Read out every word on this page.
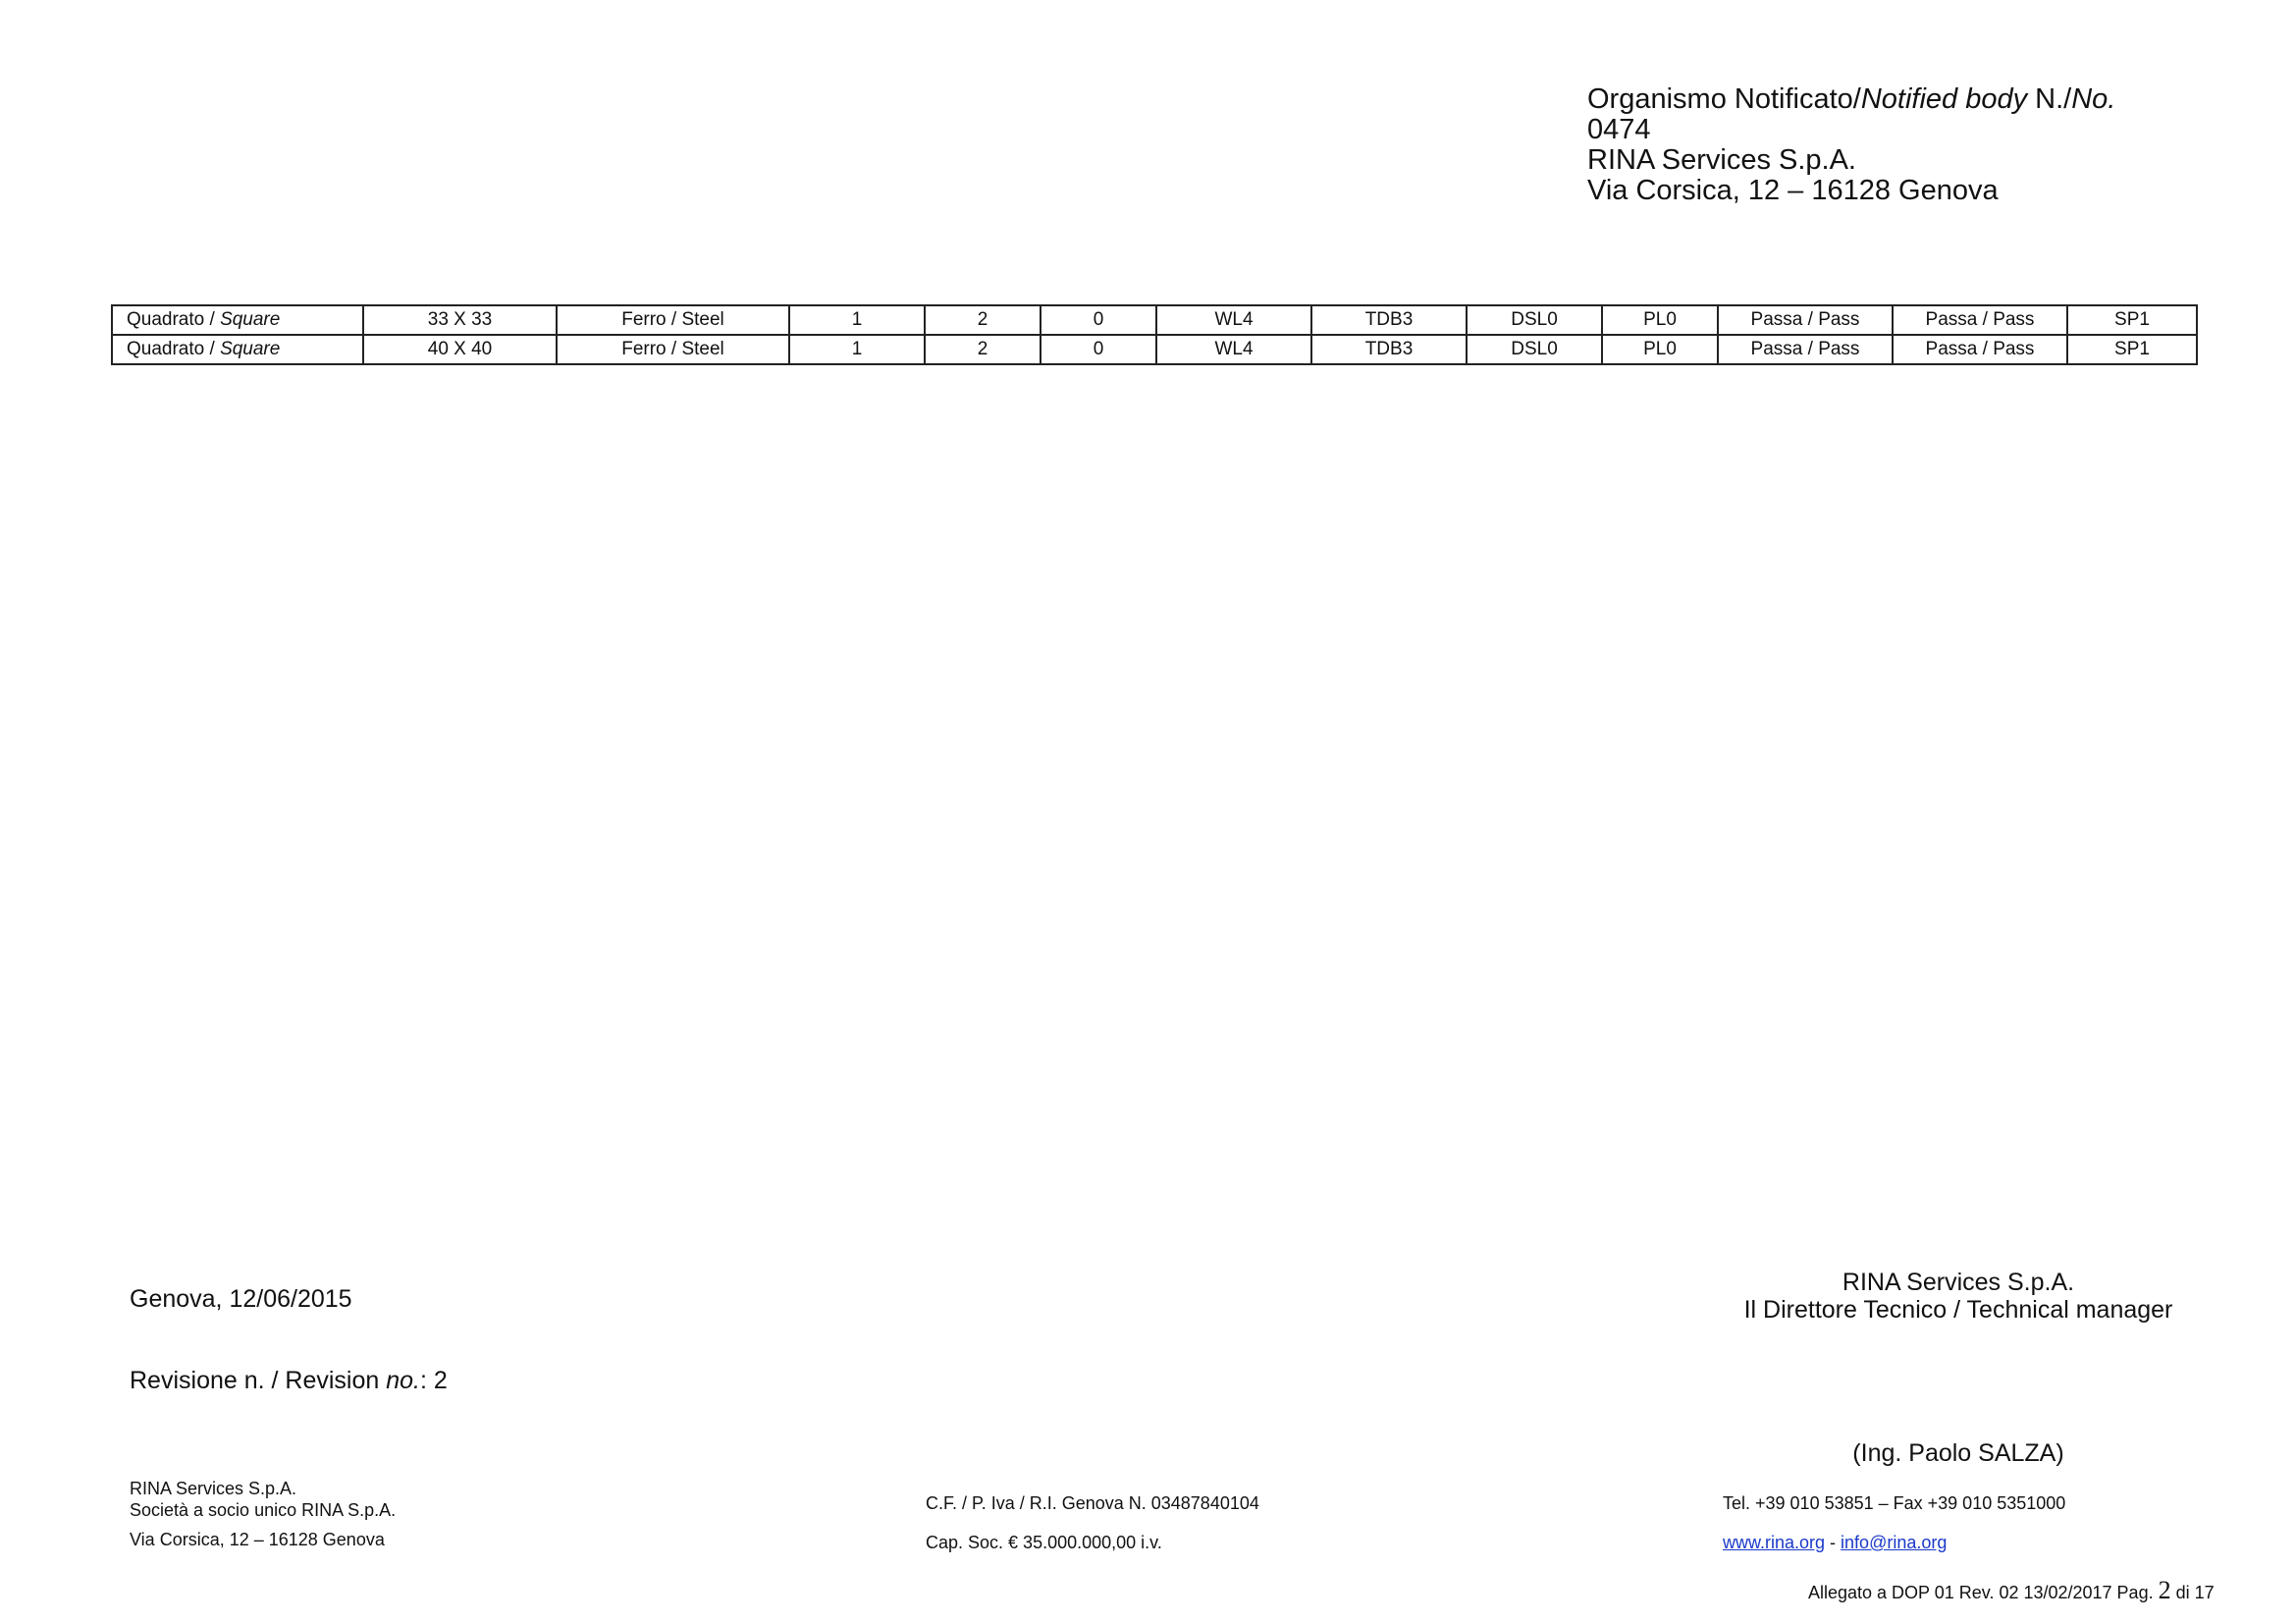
Organismo Notificato/Notified body N./No.
0474
RINA Services S.p.A.
Via Corsica, 12 – 16128 Genova
Quadrato / Square	33 X 33	Ferro / Steel	1	2	0	WL4	TDB3	DSL0	PL0	Passa / Pass	Passa / Pass	SP1
Quadrato / Square	40 X 40	Ferro / Steel	1	2	0	WL4	TDB3	DSL0	PL0	Passa / Pass	Passa / Pass	SP1
Genova, 12/06/2015
Revisione n. / Revision no.: 2
RINA Services S.p.A.
Il Direttore Tecnico / Technical manager
(Ing. Paolo SALZA)
RINA Services S.p.A.
Società a socio unico RINA S.p.A.
Via Corsica, 12 – 16128 Genova
C.F. / P. Iva / R.I. Genova N. 03487840104
Cap. Soc. € 35.000.000,00 i.v.
Tel. +39 010 53851 – Fax +39 010 5351000
www.rina.org - info@rina.org
Allegato a DOP 01 Rev. 02 13/02/2017 Pag. 2 di 17
